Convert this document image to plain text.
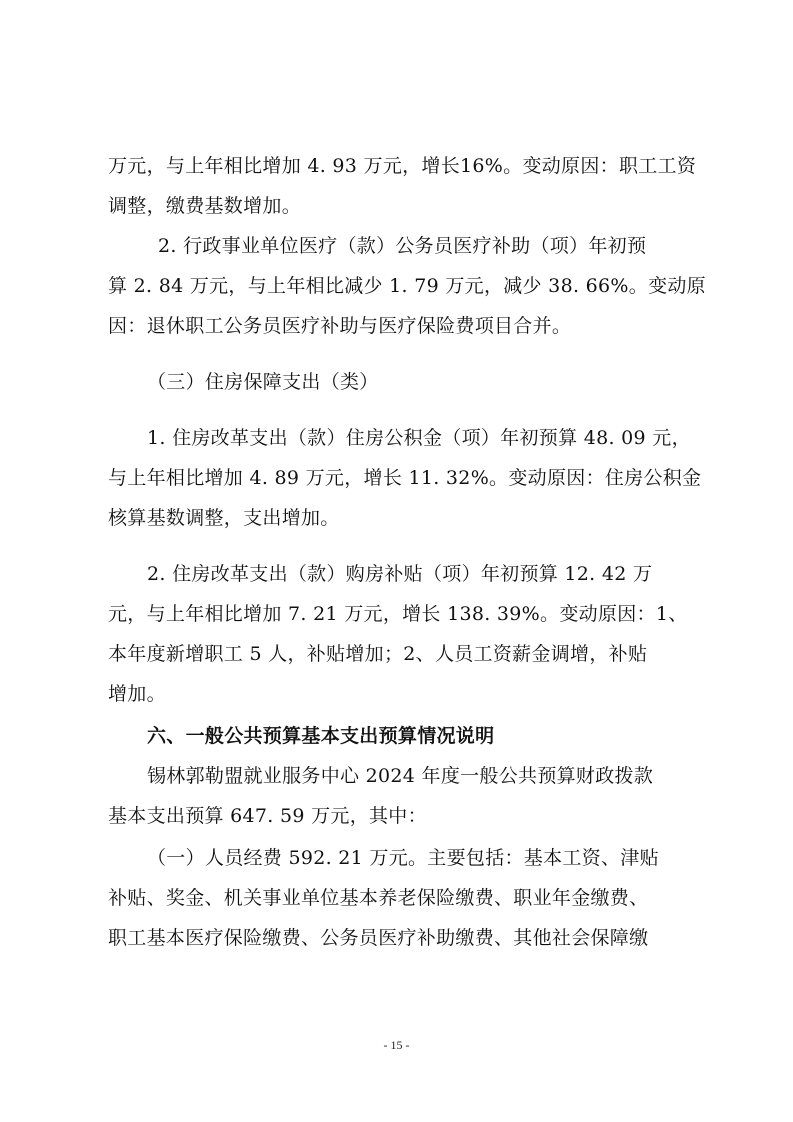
万元，与上年相比增加 4. 93 万元，增长16%。变动原因：职工工资
调整，缴费基数增加。
2. 行政事业单位医疗（款）公务员医疗补助（项）年初预
算 2. 84 万元，与上年相比减少 1. 79 万元，减少 38. 66%。变动原
因：退休职工公务员医疗补助与医疗保险费项目合并。
（三）住房保障支出（类）
1. 住房改革支出（款）住房公积金（项）年初预算 48. 09 元，
与上年相比增加 4. 89 万元，增长 11. 32%。变动原因：住房公积金
核算基数调整，支出增加。
2. 住房改革支出（款）购房补贴（项）年初预算 12. 42 万
元，与上年相比增加 7. 21 万元，增长 138. 39%。变动原因：1、
本年度新增职工 5 人，补贴增加；2、人员工资薪金调增，补贴
增加。
六、一般公共预算基本支出预算情况说明
锡林郭勒盟就业服务中心 2024 年度一般公共预算财政拨款
基本支出预算 647. 59 万元，其中：
（一）人员经费 592. 21 万元。主要包括：基本工资、津贴
补贴、奖金、机关事业单位基本养老保险缴费、职业年金缴费、
职工基本医疗保险缴费、公务员医疗补助缴费、其他社会保障缴
- 15 -
